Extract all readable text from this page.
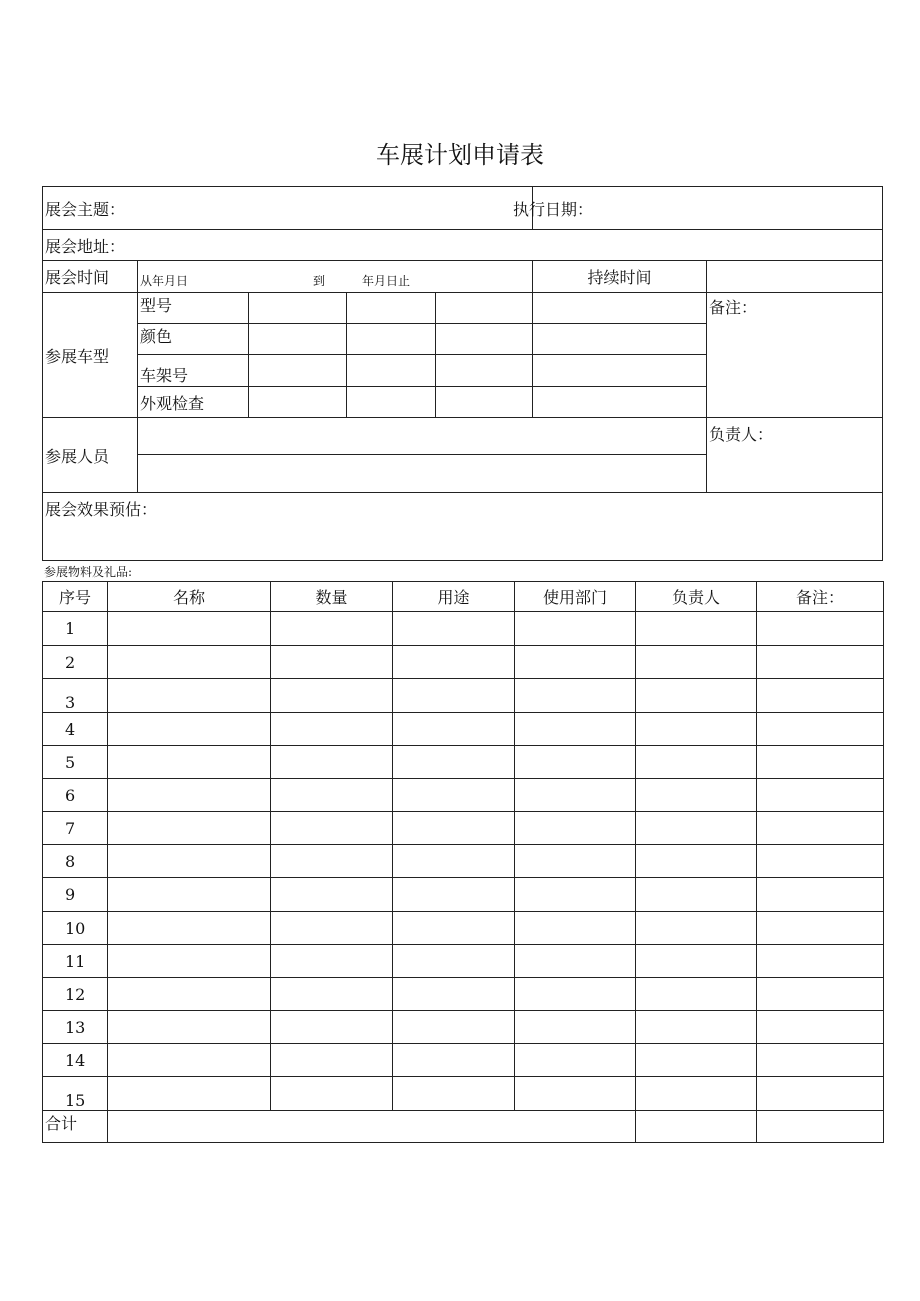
车展计划申请表
展会主题：					执行日期：	
展会地址：						
展会时间	从年月日 到 年月日止				持续时间	
参展车型	型号					备注：
	颜色					
	车架号					
	外观检查					
参展人员						负责人：

展会效果预估：						
参展物料及礼品:
序号	名称	数量	用途	使用部门	负责人	备注：
1						
2						
3						
4						
5						
6						
7						
8						
9						
10						
11						
12						
13						
14						
15						
合计						
